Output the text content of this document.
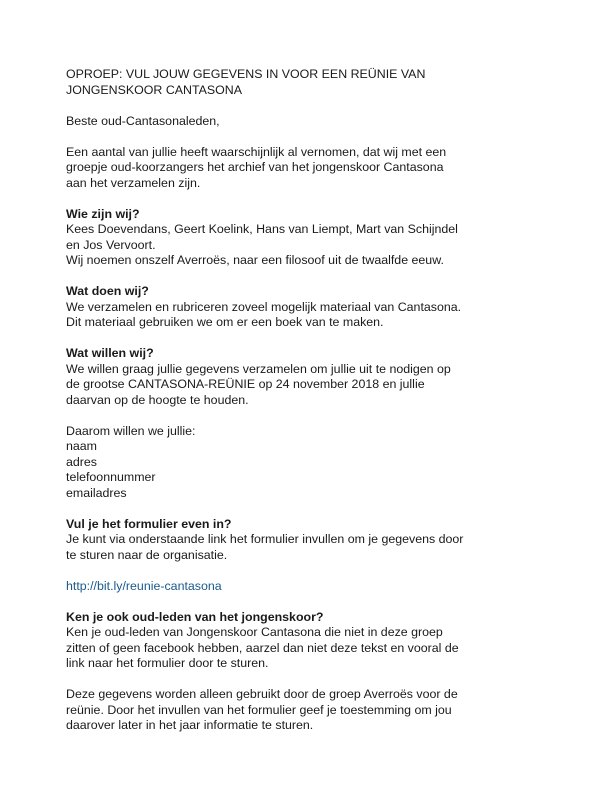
OPROEP: VUL JOUW GEGEVENS IN VOOR EEN REÜNIE VAN
JONGENSKOOR CANTASONA
Beste oud-Cantasonaleden,
Een aantal van jullie heeft waarschijnlijk al vernomen, dat wij met een
groepje oud-koorzangers het archief van het jongenskoor Cantasona
aan het verzamelen zijn.
Wie zijn wij?
Kees Doevendans, Geert Koelink, Hans van Liempt, Mart van Schijndel
en Jos Vervoort.
Wij noemen onszelf Averroës, naar een filosoof uit de twaalfde eeuw.
Wat doen wij?
We verzamelen en rubriceren zoveel mogelijk materiaal van Cantasona.
Dit materiaal gebruiken we om er een boek van te maken.
Wat willen wij?
We willen graag jullie gegevens verzamelen om jullie uit te nodigen op
de grootse CANTASONA-REÜNIE op 24 november 2018 en jullie
daarvan op de hoogte te houden.
Daarom willen we jullie:
naam
adres
telefoonnummer
emailadres
Vul je het formulier even in?
Je kunt via onderstaande link het formulier invullen om je gegevens door
te sturen naar de organisatie.
http://bit.ly/reunie-cantasona
Ken je ook oud-leden van het jongenskoor?
Ken je oud-leden van Jongenskoor Cantasona die niet in deze groep
zitten of geen facebook hebben, aarzel dan niet deze tekst en vooral de
link naar het formulier door te sturen.
Deze gegevens worden alleen gebruikt door de groep Averroës voor de
reünie. Door het invullen van het formulier geef je toestemming om jou
daarover later in het jaar informatie te sturen.
